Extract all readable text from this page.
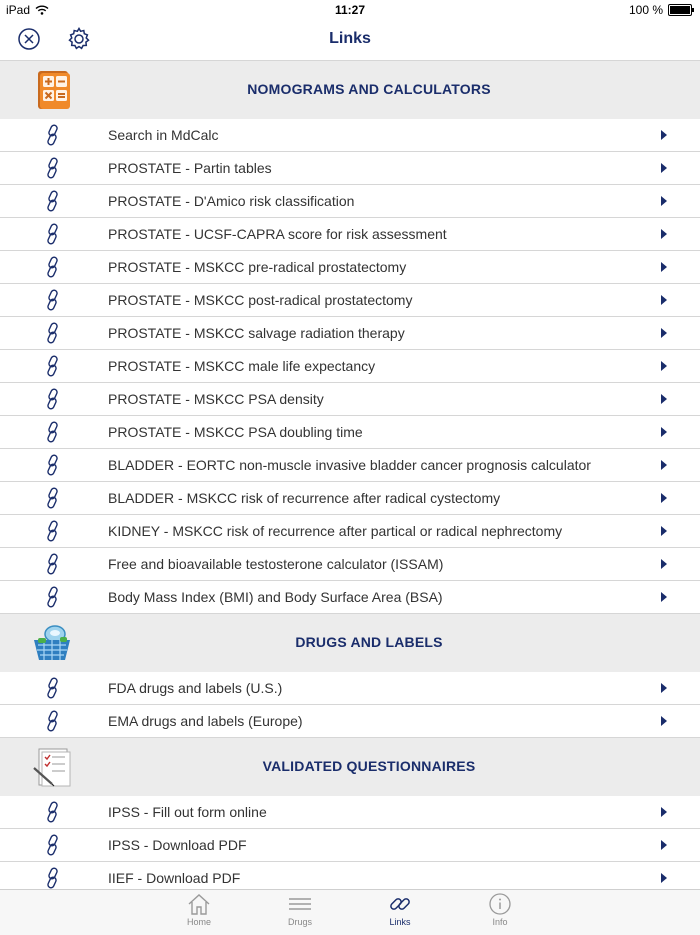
iPad	11:27	100 %
Links
NOMOGRAMS AND CALCULATORS
Search in MdCalc
PROSTATE - Partin tables
PROSTATE - D'Amico risk classification
PROSTATE - UCSF-CAPRA score for risk assessment
PROSTATE - MSKCC pre-radical prostatectomy
PROSTATE - MSKCC post-radical prostatectomy
PROSTATE - MSKCC salvage radiation therapy
PROSTATE - MSKCC male life expectancy
PROSTATE - MSKCC PSA density
PROSTATE - MSKCC PSA doubling time
BLADDER - EORTC non-muscle invasive bladder cancer prognosis calculator
BLADDER - MSKCC risk of recurrence after radical cystectomy
KIDNEY - MSKCC risk of recurrence after partical or radical nephrectomy
Free and bioavailable testosterone calculator (ISSAM)
Body Mass Index (BMI) and Body Surface Area (BSA)
DRUGS AND LABELS
FDA drugs and labels (U.S.)
EMA drugs and labels (Europe)
VALIDATED QUESTIONNAIRES
IPSS - Fill out form online
IPSS - Download PDF
IIEF - Download PDF
Home	Drugs	Links	Info
